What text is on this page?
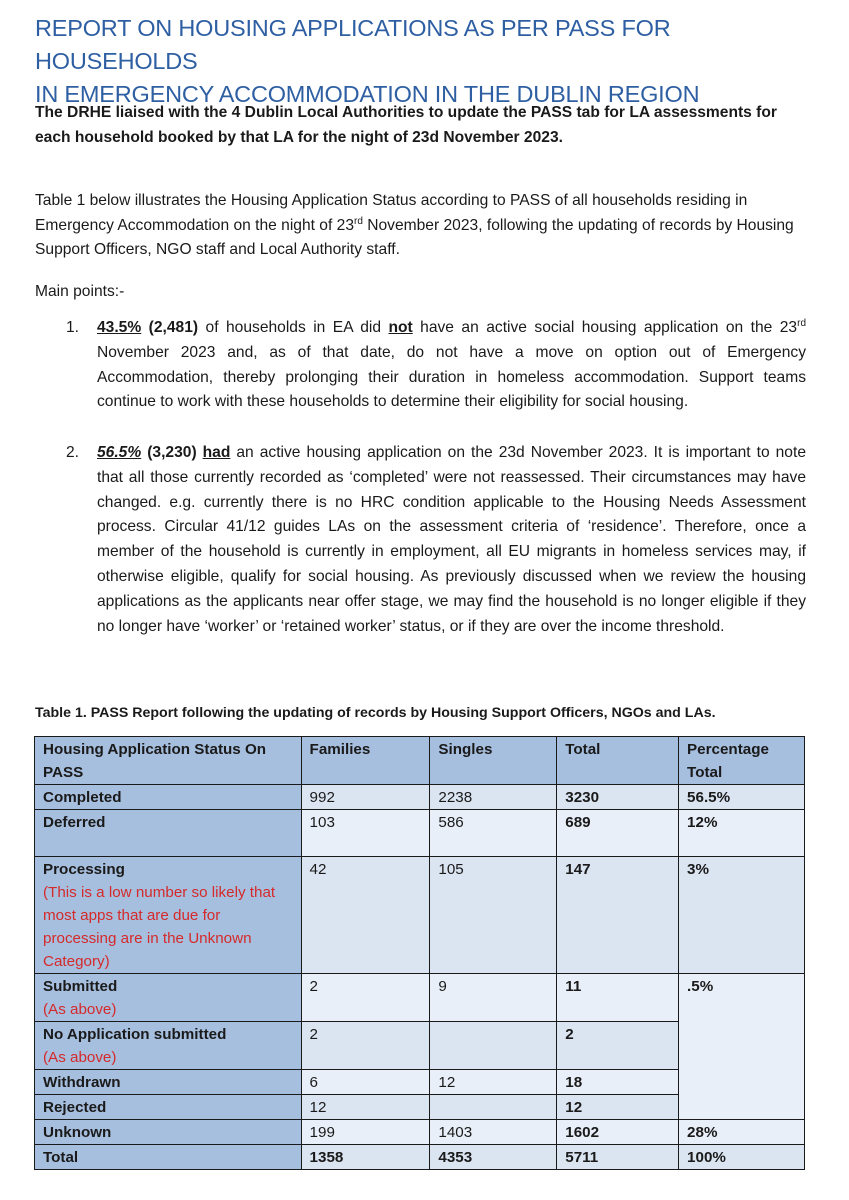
REPORT ON HOUSING APPLICATIONS AS PER PASS FOR HOUSEHOLDS
IN EMERGENCY ACCOMMODATION IN THE DUBLIN REGION

The DRHE liaised with the 4 Dublin Local Authorities to update the PASS tab for LA assessments for each household booked by that LA for the night of 23d November 2023.

Table 1 below illustrates the Housing Application Status according to PASS of all households residing in Emergency Accommodation on the night of 23rd November 2023, following the updating of records by Housing Support Officers, NGO staff and Local Authority staff.

Main points:-

1. 43.5% (2,481) of households in EA did not have an active social housing application on the 23rd November 2023 and, as of that date, do not have a move on option out of Emergency Accommodation, thereby prolonging their duration in homeless accommodation. Support teams continue to work with these households to determine their eligibility for social housing.

2. 56.5% (3,230) had an active housing application on the 23d November 2023. It is important to note that all those currently recorded as ‘completed’ were not reassessed. Their circumstances may have changed. e.g. currently there is no HRC condition applicable to the Housing Needs Assessment process. Circular 41/12 guides LAs on the assessment criteria of ‘residence’. Therefore, once a member of the household is currently in employment, all EU migrants in homeless services may, if otherwise eligible, qualify for social housing. As previously discussed when we review the housing applications as the applicants near offer stage, we may find the household is no longer eligible if they no longer have ‘worker’ or ‘retained worker’ status, or if they are over the income threshold.

Table 1. PASS Report following the updating of records by Housing Support Officers, NGOs and LAs.

Housing Application Status On PASS	Families	Singles	Total	Percentage Total
Completed	992	2238	3230	56.5%
Deferred	103	586	689	12%

Processing
(This is a low number so likely that most apps that are due for processing are in the Unknown Category)	42	105	147	3%

Submitted
(As above)	2	9	11	.5%

No Application submitted
(As above)	2		2	
Withdrawn	6	12	18	
Rejected	12		12	
Unknown	199	1403	1602	28%
Total	1358	4353	5711	100%
